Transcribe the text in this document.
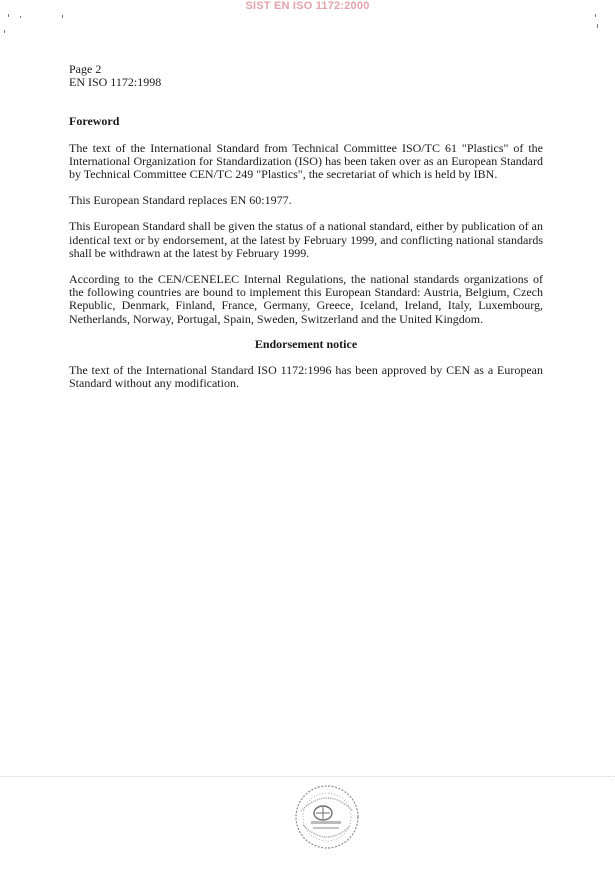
SIST EN ISO 1172:2000

Page 2

EN ISO 1172:1998

Foreword

The text of the International Standard from Technical Committee ISO/TC 61 "Plastics" of the International Organization for Standardization (ISO) has been taken over as an European Standard by Technical Committee CEN/TC 249 "Plastics", the secretariat of which is held by IBN.

This European Standard replaces EN 60:1977.

This European Standard shall be given the status of a national standard, either by publication of an identical text or by endorsement, at the latest by February 1999, and conflicting national standards shall be withdrawn at the latest by February 1999.

According to the CEN/CENELEC Internal Regulations, the national standards organizations of the following countries are bound to implement this European Standard: Austria, Belgium, Czech Republic, Denmark, Finland, France, Germany, Greece, Iceland, Ireland, Italy, Luxembourg, Netherlands, Norway, Portugal, Spain, Sweden, Switzerland and the United Kingdom.

Endorsement notice

The text of the International Standard ISO 1172:1996 has been approved by CEN as a European Standard without any modification.
